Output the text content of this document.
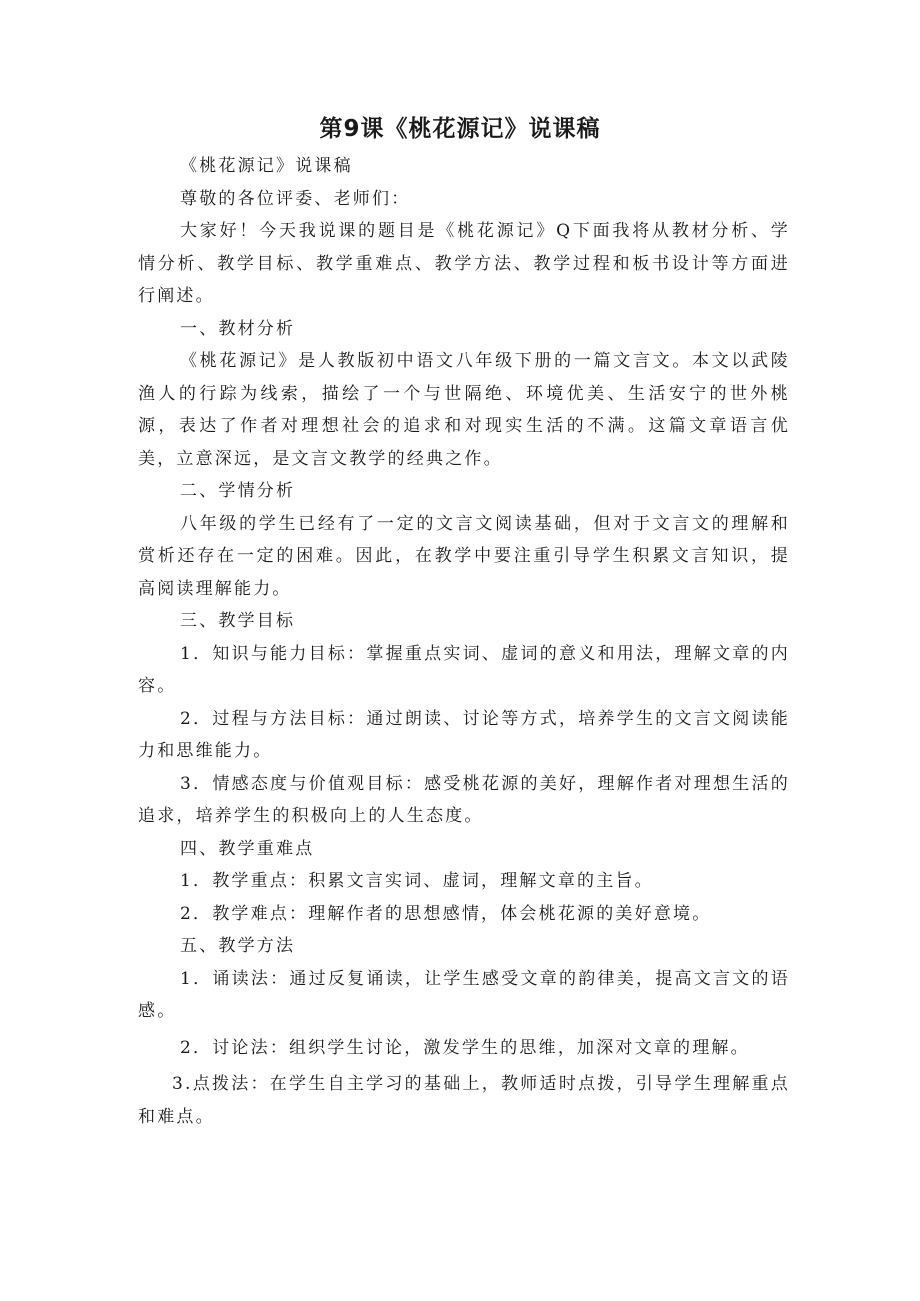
第9课《桃花源记》说课稿

《桃花源记》说课稿

尊敬的各位评委、老师们：

大家好！今天我说课的题目是《桃花源记》Q下面我将从教材分析、学情分析、教学目标、教学重难点、教学方法、教学过程和板书设计等方面进行阐述。

一、教材分析

《桃花源记》是人教版初中语文八年级下册的一篇文言文。本文以武陵渔人的行踪为线索，描绘了一个与世隔绝、环境优美、生活安宁的世外桃源，表达了作者对理想社会的追求和对现实生活的不满。这篇文章语言优美，立意深远，是文言文教学的经典之作。

二、学情分析

八年级的学生已经有了一定的文言文阅读基础，但对于文言文的理解和赏析还存在一定的困难。因此，在教学中要注重引导学生积累文言知识，提高阅读理解能力。

三、教学目标

1．知识与能力目标：掌握重点实词、虚词的意义和用法，理解文章的内容。

2．过程与方法目标：通过朗读、讨论等方式，培养学生的文言文阅读能力和思维能力。

3．情感态度与价值观目标：感受桃花源的美好，理解作者对理想生活的追求，培养学生的积极向上的人生态度。

四、教学重难点

1．教学重点：积累文言实词、虚词，理解文章的主旨。

2．教学难点：理解作者的思想感情，体会桃花源的美好意境。

五、教学方法

1．诵读法：通过反复诵读，让学生感受文章的韵律美，提高文言文的语感。

2．讨论法：组织学生讨论，激发学生的思维，加深对文章的理解。

3.点拨法：在学生自主学习的基础上，教师适时点拨，引导学生理解重点和难点。
